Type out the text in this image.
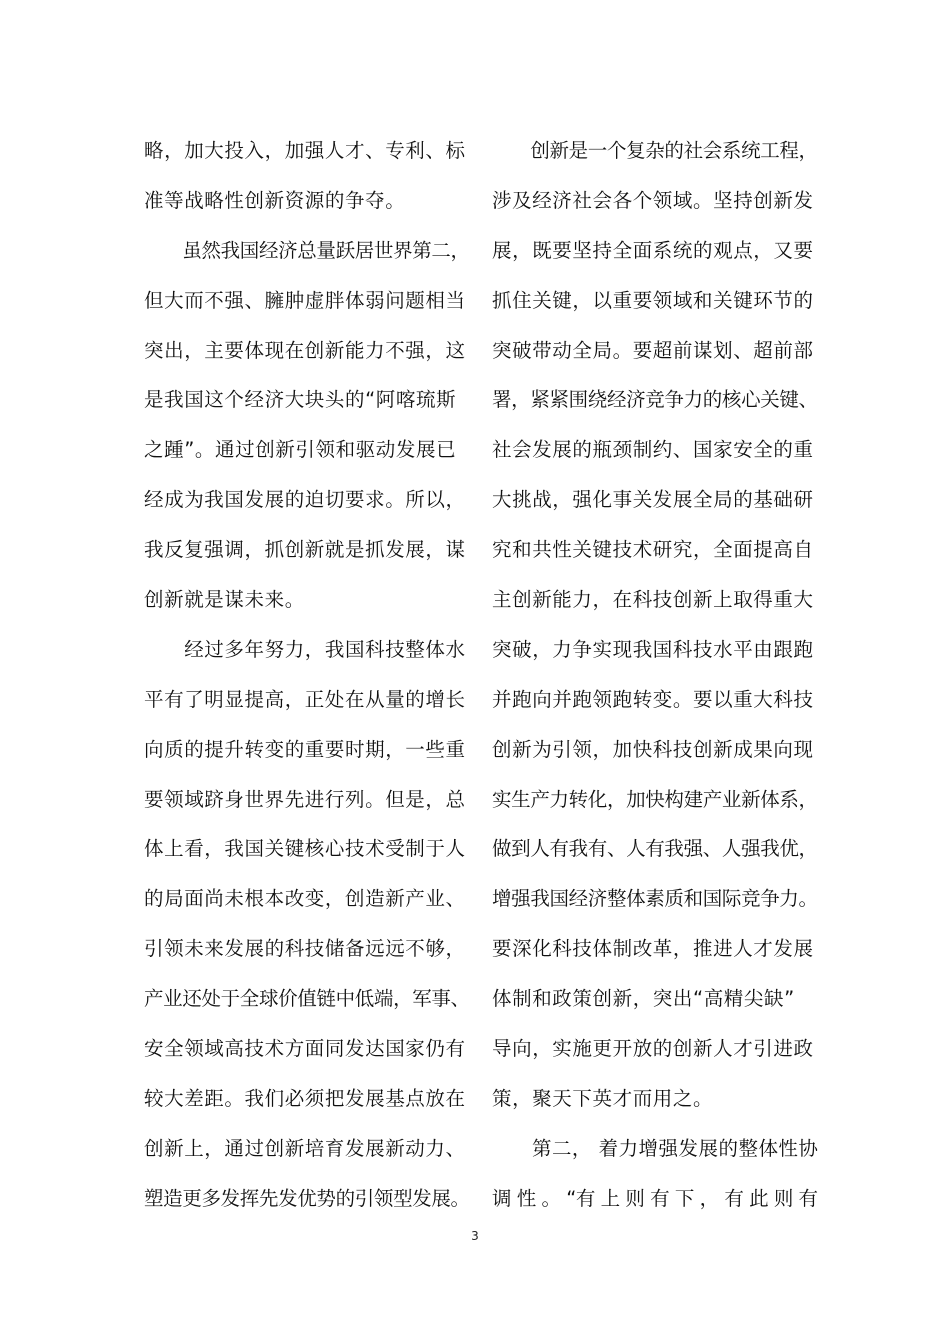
略，加大投入，加强人才、专利、标
准等战略性创新资源的争夺。
　　虽然我国经济总量跃居世界第二，
但大而不强、臃肿虚胖体弱问题相当
突出，主要体现在创新能力不强，这
是我国这个经济大块头的“阿喀琉斯
之踵”。通过创新引领和驱动发展已
经成为我国发展的迫切要求。所以，
我反复强调，抓创新就是抓发展，谋
创新就是谋未来。
　　经过多年努力，我国科技整体水
平有了明显提高，正处在从量的增长
向质的提升转变的重要时期，一些重
要领域跻身世界先进行列。但是，总
体上看，我国关键核心技术受制于人
的局面尚未根本改变，创造新产业、
引领未来发展的科技储备远远不够，
产业还处于全球价值链中低端，军事、
安全领域高技术方面同发达国家仍有
较大差距。我们必须把发展基点放在
创新上，通过创新培育发展新动力、
塑造更多发挥先发优势的引领型发展。
　　创新是一个复杂的社会系统工程，
涉及经济社会各个领域。坚持创新发
展，既要坚持全面系统的观点，又要
抓住关键，以重要领域和关键环节的
突破带动全局。要超前谋划、超前部
署，紧紧围绕经济竞争力的核心关键、
社会发展的瓶颈制约、国家安全的重
大挑战，强化事关发展全局的基础研
究和共性关键技术研究，全面提高自
主创新能力，在科技创新上取得重大
突破，力争实现我国科技水平由跟跑
并跑向并跑领跑转变。要以重大科技
创新为引领，加快科技创新成果向现
实生产力转化，加快构建产业新体系，
做到人有我有、人有我强、人强我优，
增强我国经济整体素质和国际竞争力。
要深化科技体制改革，推进人才发展
体制和政策创新，突出“高精尖缺”
导向，实施更开放的创新人才引进政
策，聚天下英才而用之。
　　第二， 着力增强发展的整体性协
调 性 。 “有 上 则 有 下 ， 有 此 则 有
3
